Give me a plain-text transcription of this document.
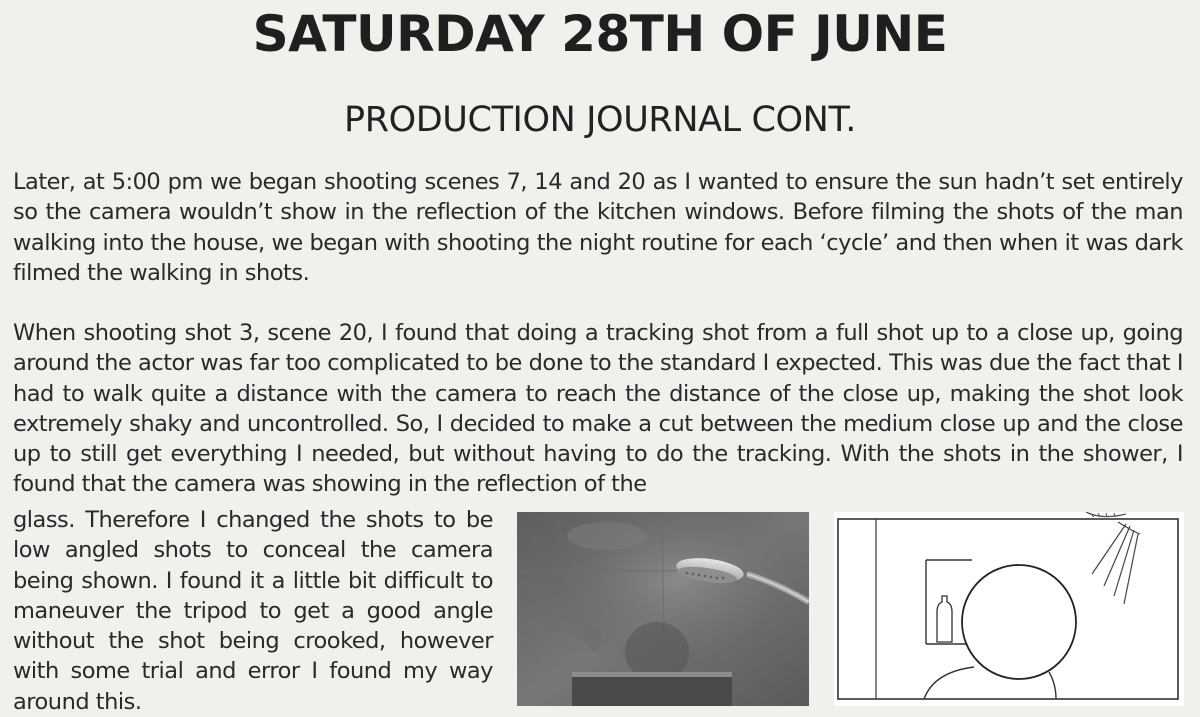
SATURDAY 28TH OF JUNE
PRODUCTION JOURNAL CONT.

Later, at 5:00 pm we began shooting scenes 7, 14 and 20 as I wanted to ensure the sun hadn’t set entirely so the camera wouldn’t show in the reflection of the kitchen windows. Before filming the shots of the man walking into the house, we began with shooting the night routine for each ‘cycle’ and then when it was dark filmed the walking in shots.

When shooting shot 3, scene 20, I found that doing a tracking shot from a full shot up to a close up, going around the actor was far too complicated to be done to the standard I expected. This was due the fact that I had to walk quite a distance with the camera to reach the distance of the close up, making the shot look extremely shaky and uncontrolled. So, I decided to make a cut between the medium close up and the close up to still get everything I needed, but without having to do the tracking. With the shots in the shower, I found that the camera was showing in the reflection of the

glass. Therefore I changed the shots to be low angled shots to conceal the camera being shown. I found it a little bit difficult to maneuver the tripod to get a good angle without the shot being crooked, however with some trial and error I found my way around this.
